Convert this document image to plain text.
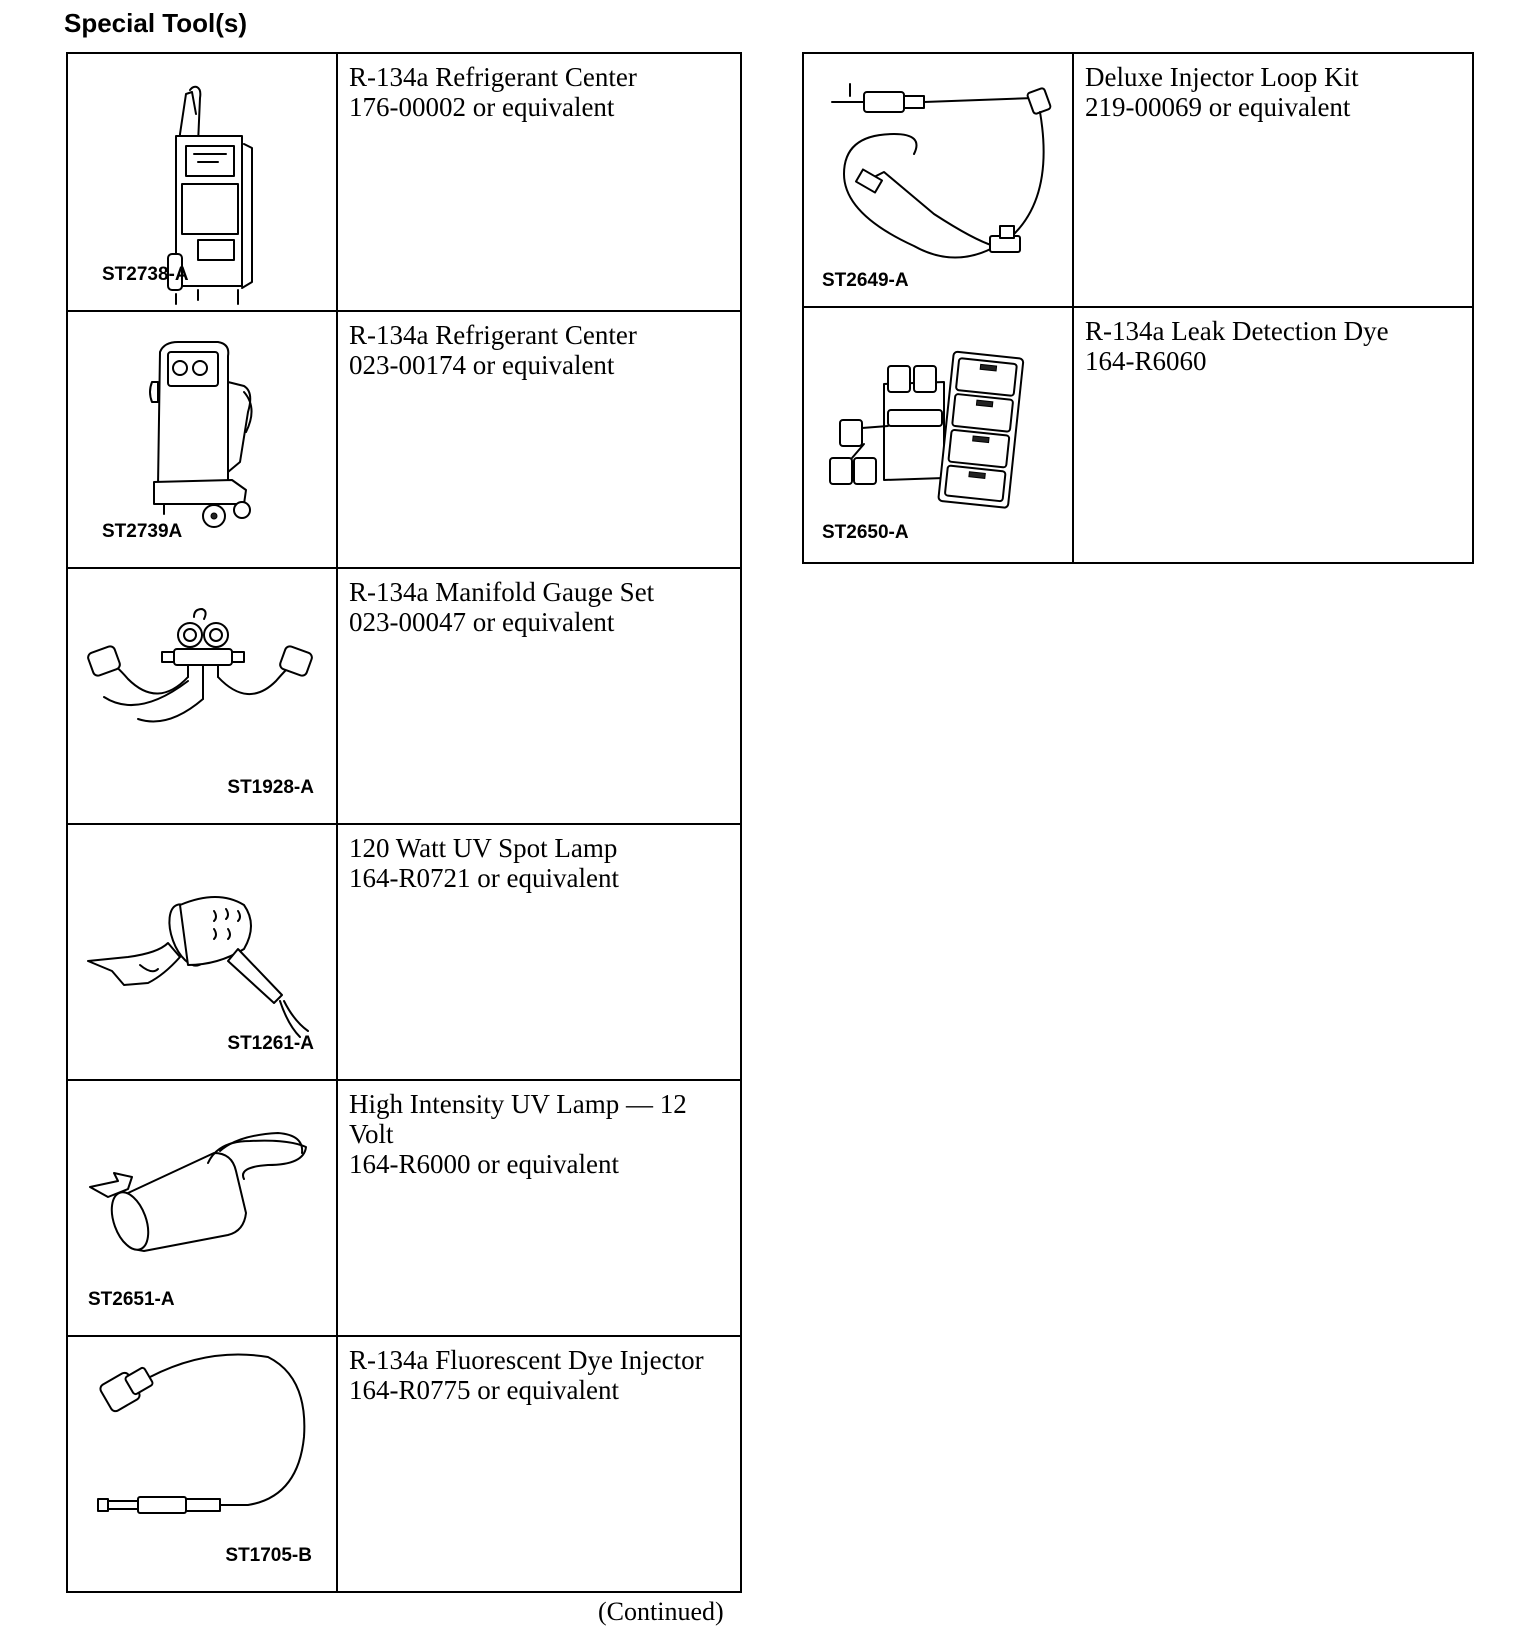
Special Tool(s)
ST2738-A	R-134a Refrigerant Center
176-00002 or equivalent

ST2739A	R-134a Refrigerant Center
023-00174 or equivalent

ST1928-A	R-134a Manifold Gauge Set
023-00047 or equivalent

ST1261-A	120 Watt UV Spot Lamp
164-R0721 or equivalent

ST2651-A	High Intensity UV Lamp — 12 Volt
164-R6000 or equivalent

ST1705-B	R-134a Fluorescent Dye Injector
164-R0775 or equivalent
ST2649-A	Deluxe Injector Loop Kit
219-00069 or equivalent

ST2650-A	R-134a Leak Detection Dye
164-R6060
(Continued)
